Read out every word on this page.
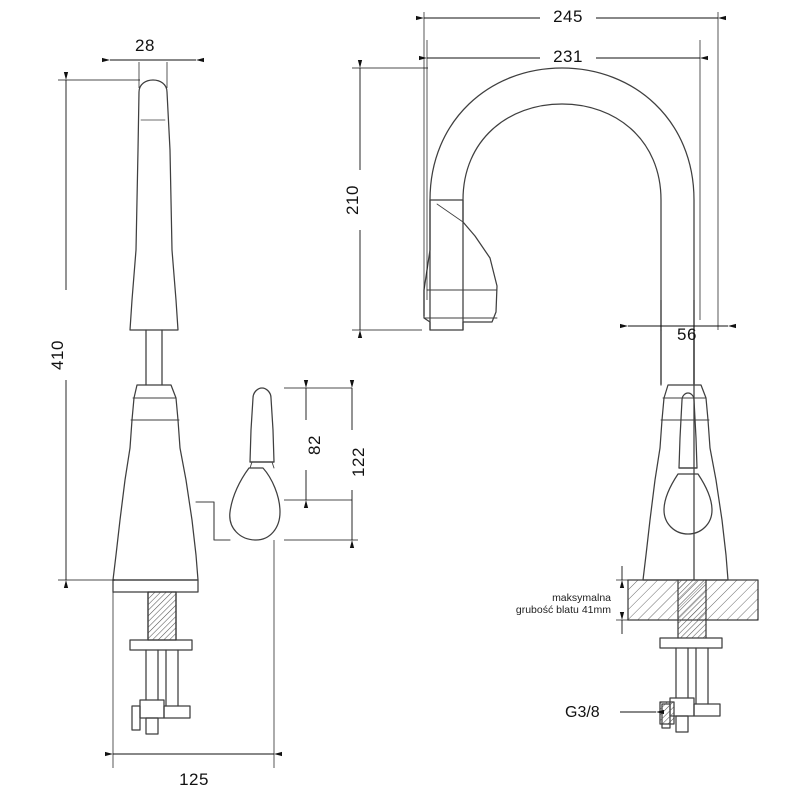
28
410
125
82
122
245
231
210
56
maksymalna
grubość blatu 41mm
G3/8
